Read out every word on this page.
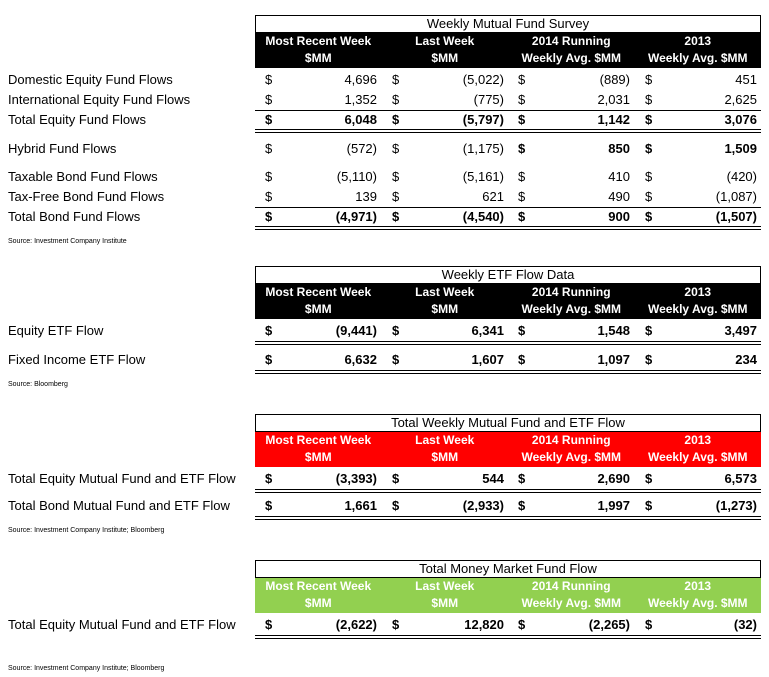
Weekly Mutual Fund Survey
Most Recent Week
$MM
Last Week
$MM
2014 Running
Weekly Avg. $MM
2013
Weekly Avg. $MM
Domestic Equity Fund Flows	$	4,696 $	(5,022) $	(889) $	451
International Equity Fund Flows	$	1,352 $	(775) $	2,031 $	2,625
Total Equity Fund Flows	$	6,048 $	(5,797) $	1,142 $	3,076
Hybrid Fund Flows	$	(572) $	(1,175) $	850 $	1,509
Taxable Bond Fund Flows	$	(5,110) $	(5,161) $	410 $	(420)
Tax-Free Bond Fund Flows	$	139 $	621 $	490 $	(1,087)
Total Bond Fund Flows	$	(4,971) $	(4,540) $	900 $	(1,507)
Source: Investment Company Institute
Weekly ETF Flow Data
Most Recent Week
$MM
Last Week
$MM
2014 Running
Weekly Avg. $MM
2013
Weekly Avg. $MM
Equity ETF Flow	$	(9,441) $	6,341 $	1,548 $	3,497
Fixed Income ETF Flow	$	6,632 $	1,607 $	1,097 $	234
Source: Bloomberg
Total Weekly Mutual Fund and ETF Flow
Most Recent Week
$MM
Last Week
$MM
2014 Running
Weekly Avg. $MM
2013
Weekly Avg. $MM
Total Equity Mutual Fund and ETF Flow $	(3,393) $	544 $	2,690 $	6,573
Total Bond Mutual Fund and ETF Flow	$	1,661 $	(2,933) $	1,997 $	(1,273)
Source: Investment Company Institute; Bloomberg
Total Money Market Fund Flow
Most Recent Week
$MM
Last Week
$MM
2014 Running
Weekly Avg. $MM
2013
Weekly Avg. $MM
Total Equity Mutual Fund and ETF Flow $	(2,622) $	12,820 $	(2,265) $	(32)
Source: Investment Company Institute; Bloomberg
